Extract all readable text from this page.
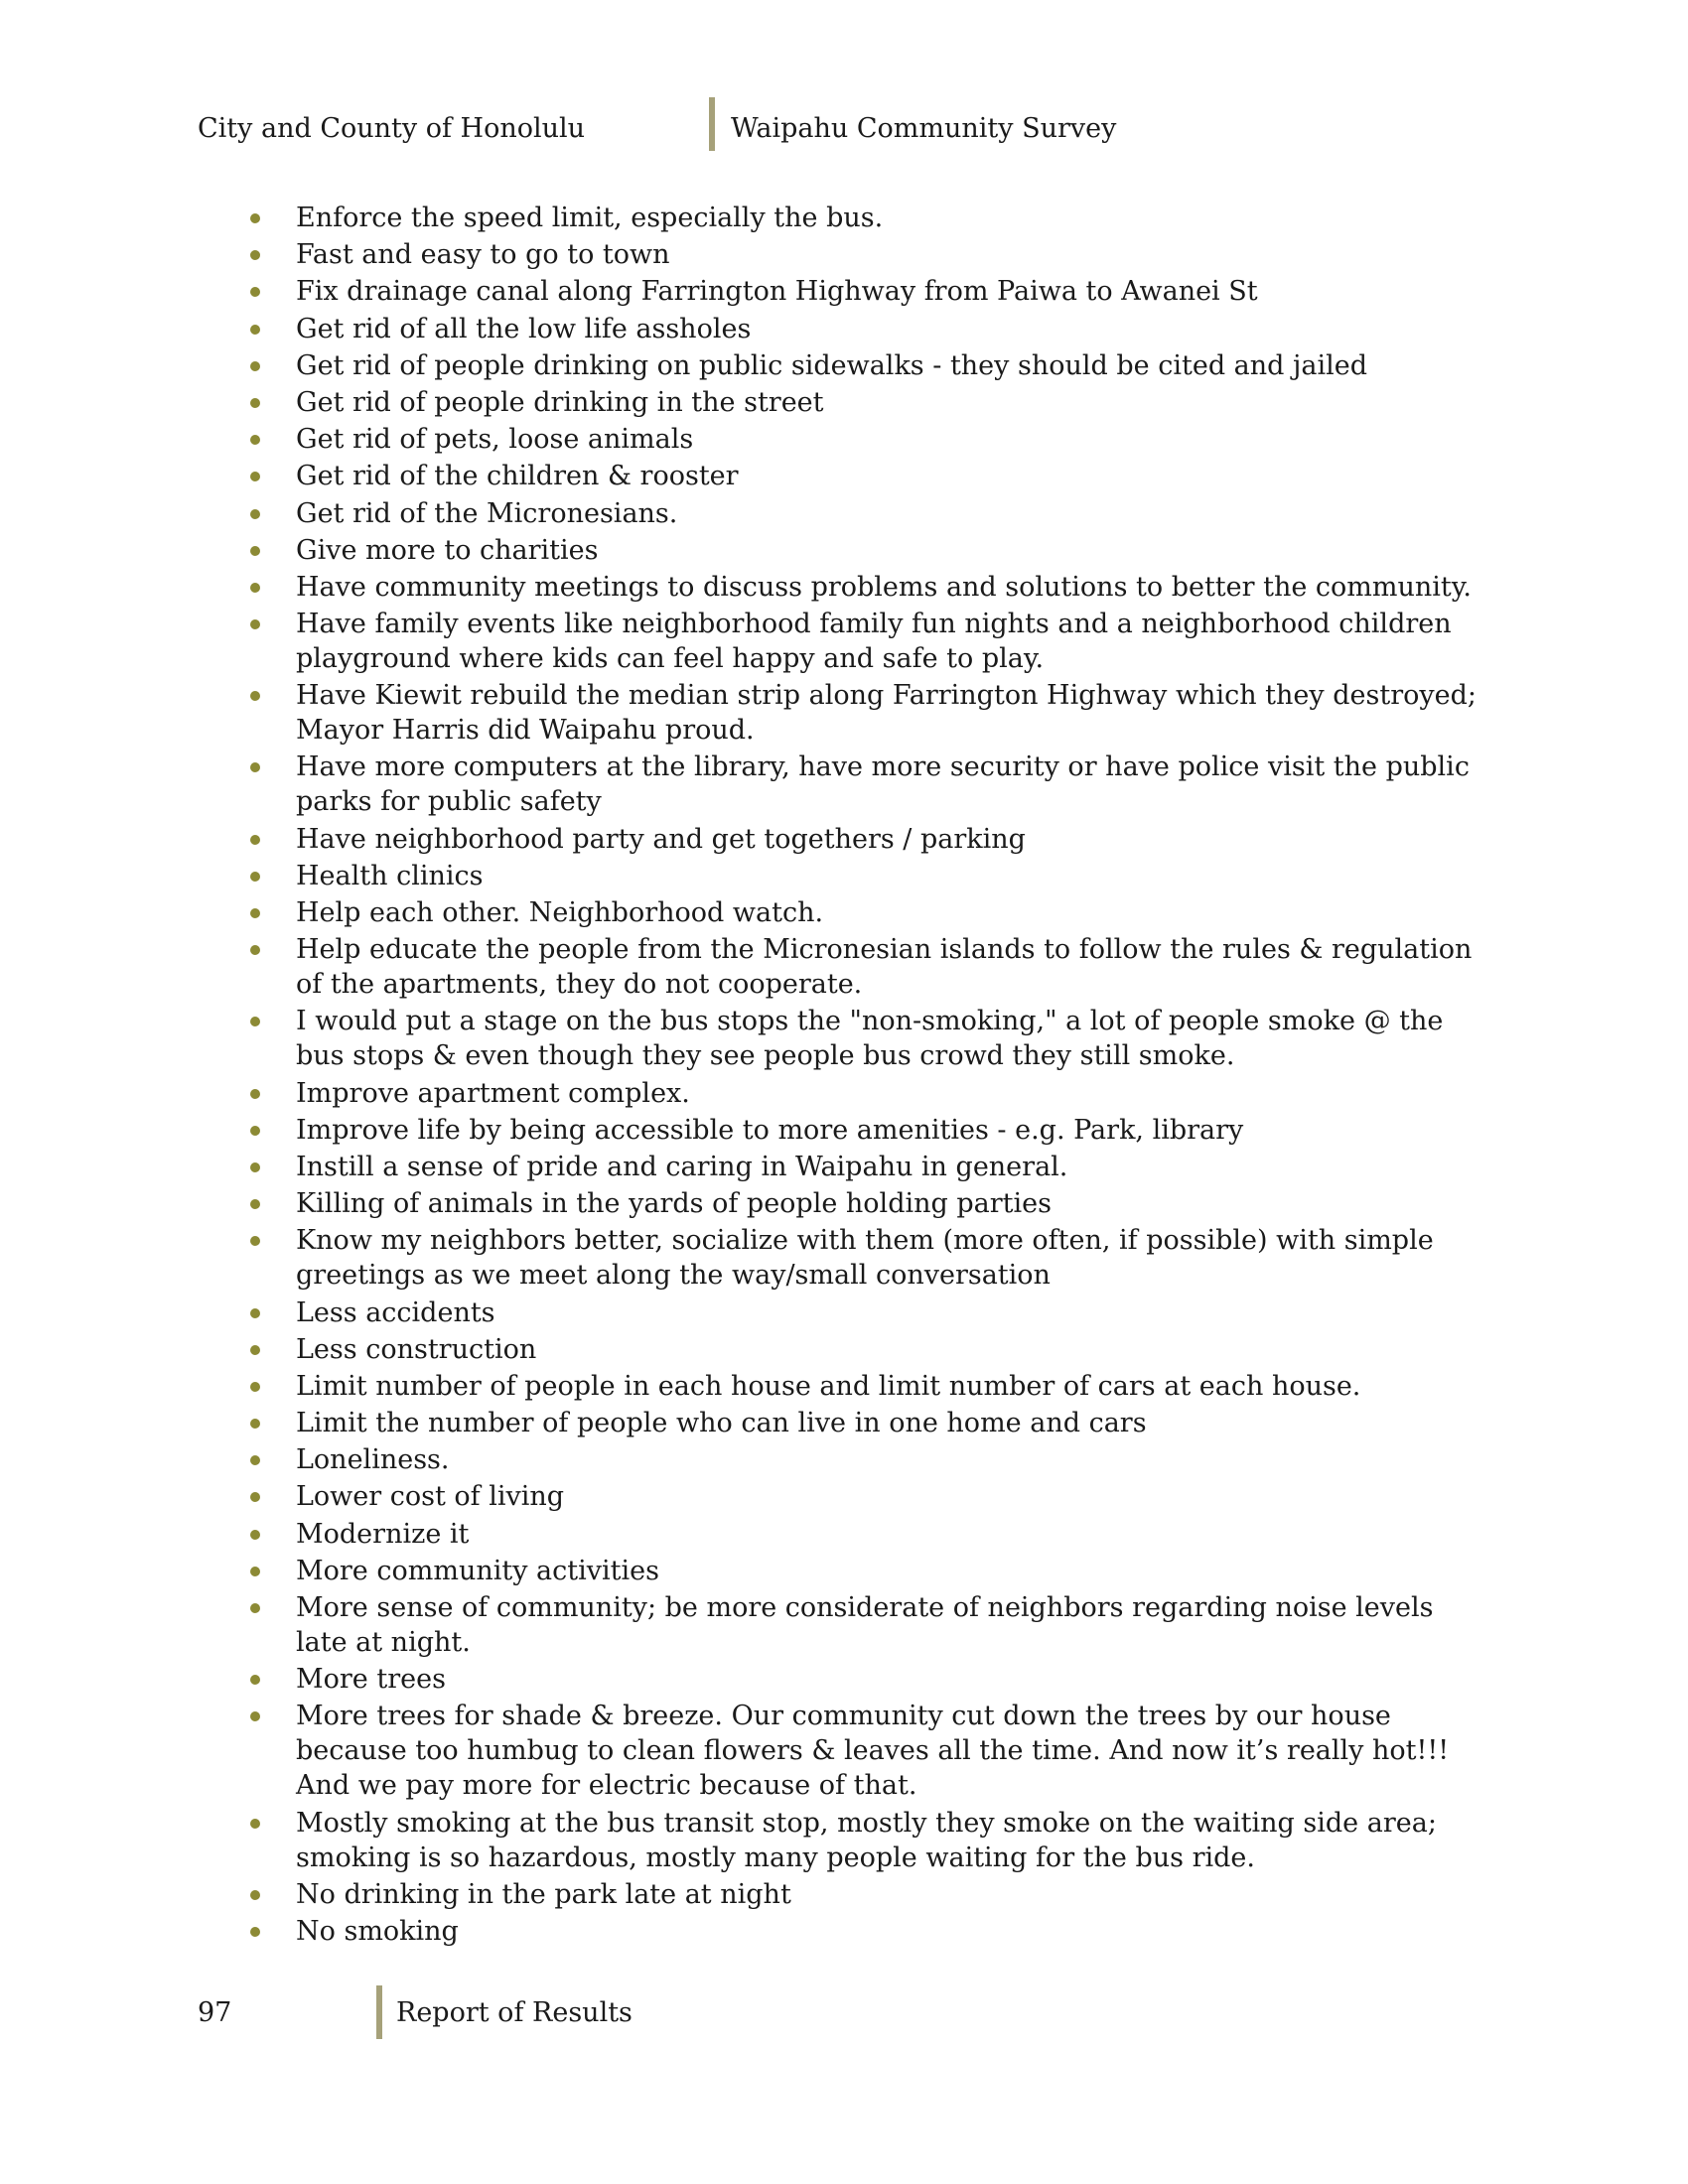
City and County of Honolulu	Waipahu Community Survey
Enforce the speed limit, especially the bus.
Fast and easy to go to town
Fix drainage canal along Farrington Highway from Paiwa to Awanei St
Get rid of all the low life assholes
Get rid of people drinking on public sidewalks - they should be cited and jailed
Get rid of people drinking in the street
Get rid of pets, loose animals
Get rid of the children & rooster
Get rid of the Micronesians.
Give more to charities
Have community meetings to discuss problems and solutions to better the community.
Have family events like neighborhood family fun nights and a neighborhood children playground where kids can feel happy and safe to play.
Have Kiewit rebuild the median strip along Farrington Highway which they destroyed; Mayor Harris did Waipahu proud.
Have more computers at the library, have more security or have police visit the public parks for public safety
Have neighborhood party and get togethers / parking
Health clinics
Help each other. Neighborhood watch.
Help educate the people from the Micronesian islands to follow the rules & regulation of the apartments, they do not cooperate.
I would put a stage on the bus stops the "non-smoking," a lot of people smoke @ the bus stops & even though they see people bus crowd they still smoke.
Improve apartment complex.
Improve life by being accessible to more amenities - e.g. Park, library
Instill a sense of pride and caring in Waipahu in general.
Killing of animals in the yards of people holding parties
Know my neighbors better, socialize with them (more often, if possible) with simple greetings as we meet along the way/small conversation
Less accidents
Less construction
Limit number of people in each house and limit number of cars at each house.
Limit the number of people who can live in one home and cars
Loneliness.
Lower cost of living
Modernize it
More community activities
More sense of community; be more considerate of neighbors regarding noise levels late at night.
More trees
More trees for shade & breeze. Our community cut down the trees by our house because too humbug to clean flowers & leaves all the time. And now it’s really hot!!! And we pay more for electric because of that.
Mostly smoking at the bus transit stop, mostly they smoke on the waiting side area; smoking is so hazardous, mostly many people waiting for the bus ride.
No drinking in the park late at night
No smoking
97	Report of Results
